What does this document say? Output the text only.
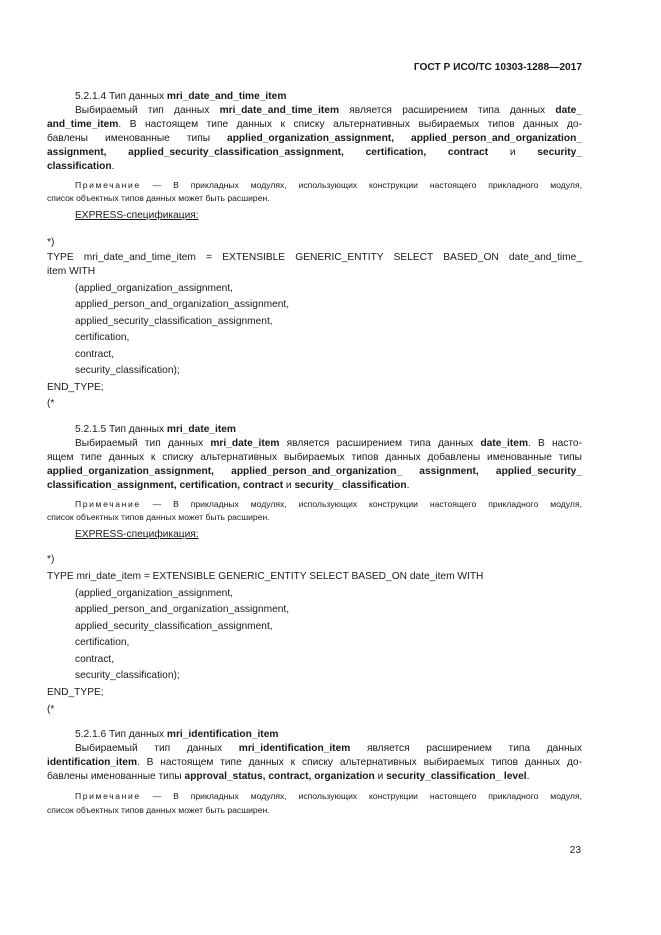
ГОСТ Р ИСО/ТС 10303-1288—2017
5.2.1.4 Тип данных mri_date_and_time_item
Выбираемый тип данных mri_date_and_time_item является расширением типа данных date_
and_time_item. В настоящем типе данных к списку альтернативных выбираемых типов данных до-
бавлены именованные типы applied_organization_assignment, applied_person_and_organization_
assignment, applied_security_classification_assignment, certification, contract и security_
classification.
Примечание — В прикладных модулях, использующих конструкции настоящего прикладного модуля,
список объектных типов данных может быть расширен.
EXPRESS-спецификация:
*)
TYPE mri_date_and_time_item = EXTENSIBLE GENERIC_ENTITY SELECT BASED_ON date_and_time_
item WITH
(applied_organization_assignment,
applied_person_and_organization_assignment,
applied_security_classification_assignment,
certification,
contract,
security_classification);
END_TYPE;
(*
5.2.1.5 Тип данных mri_date_item
Выбираемый тип данных mri_date_item является расширением типа данных date_item. В насто-
ящем типе данных к списку альтернативных выбираемых типов данных добавлены именованные типы
applied_organization_assignment, applied_person_and_organization_ assignment, applied_security_
classification_assignment, certification, contract и security_ classification.
Примечание — В прикладных модулях, использующих конструкции настоящего прикладного модуля,
список объектных типов данных может быть расширен.
EXPRESS-спецификация:
*)
TYPE mri_date_item = EXTENSIBLE GENERIC_ENTITY SELECT BASED_ON date_item WITH
(applied_organization_assignment,
applied_person_and_organization_assignment,
applied_security_classification_assignment,
certification,
contract,
security_classification);
END_TYPE;
(*
5.2.1.6 Тип данных mri_identification_item
Выбираемый тип данных mri_identification_item является расширением типа данных
identification_item. В настоящем типе данных к списку альтернативных выбираемых типов данных до-
бавлены именованные типы approval_status, contract, organization и security_classification_ level.
Примечание — В прикладных модулях, использующих конструкции настоящего прикладного модуля,
список объектных типов данных может быть расширен.
23
